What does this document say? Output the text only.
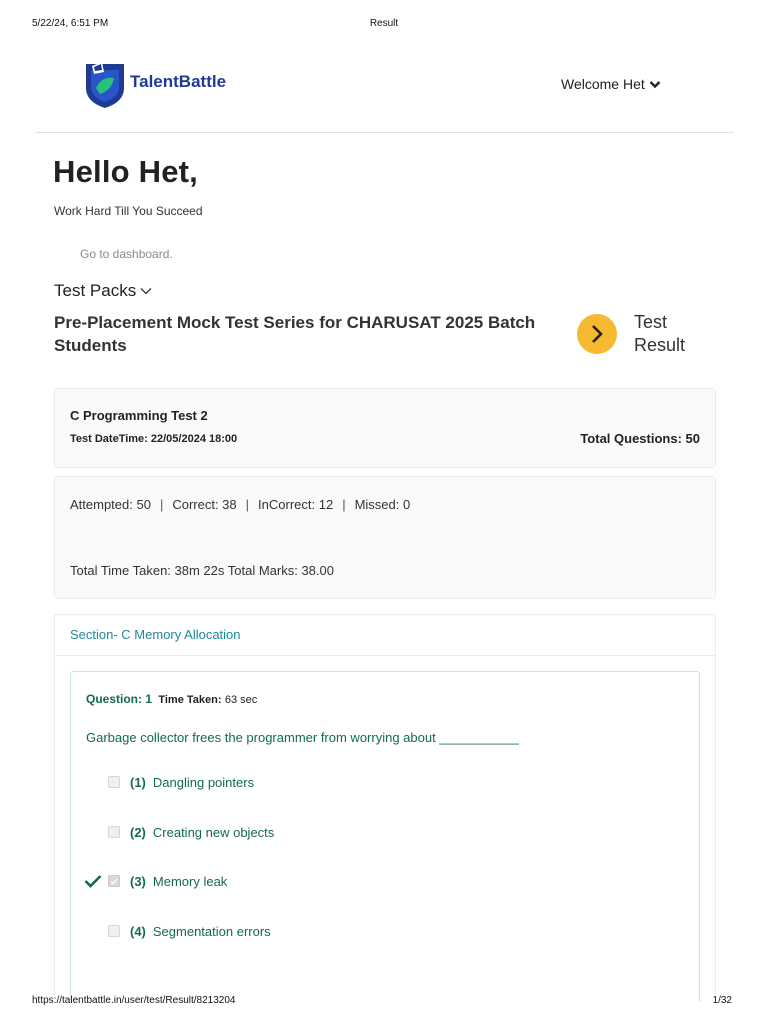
5/22/24, 6:51 PM	Result
TalentBattle	Welcome Het
Hello Het,
Work Hard Till You Succeed
Go to dashboard.
Test Packs
Pre-Placement Mock Test Series for CHARUSAT 2025 Batch Students
Test Result
C Programming Test 2
Test DateTime: 22/05/2024 18:00	Total Questions: 50
Attempted: 50 | Correct: 38 | InCorrect: 12 | Missed: 0
Total Time Taken: 38m 22s Total Marks: 38.00
Section- C Memory Allocation
Question: 1 Time Taken: 63 sec
Garbage collector frees the programmer from worrying about ___________
(1) Dangling pointers
(2) Creating new objects
(3) Memory leak
(4) Segmentation errors
https://talentbattle.in/user/test/Result/8213204	1/32
